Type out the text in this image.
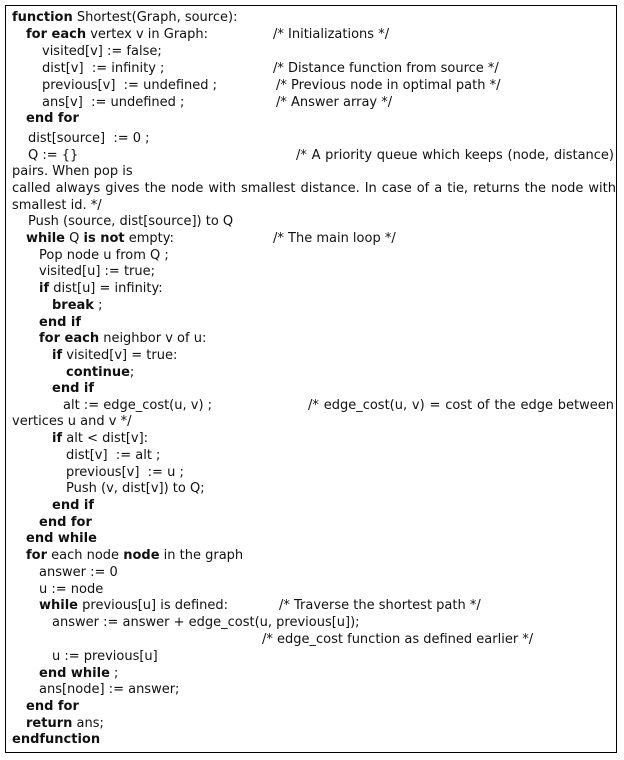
function Shortest(Graph, source):
for each vertex v in Graph:	/* Initializations */
visited[v] := false;
dist[v]  := infinity ;	/* Distance function from source */
previous[v]  := undefined ;	/* Previous node in optimal path */
ans[v]  := undefined ;	/* Answer array */
end for
dist[source]  := 0 ;
Q := {}	/* A priority queue which keeps (node, distance)
pairs. When pop is
called always gives the node with smallest distance. In case of a tie, returns the node with
smallest id. */
Push (source, dist[source]) to Q
while Q is not empty:	/* The main loop */
Pop node u from Q ;
visited[u] := true;
if dist[u] = infinity:
break ;
end if
for each neighbor v of u:
if visited[v] = true:
continue;
end if
alt := edge_cost(u, v) ;	/* edge_cost(u, v) = cost of the edge between
vertices u and v */
if alt < dist[v]:
dist[v]  := alt ;
previous[v]  := u ;
Push (v, dist[v]) to Q;
end if
end for
end while
for each node node in the graph
answer := 0
u := node
while previous[u] is defined:	/* Traverse the shortest path */
answer := answer + edge_cost(u, previous[u]);
/* edge_cost function as defined earlier */
u := previous[u]
end while ;
ans[node] := answer;
end for
return ans;
endfunction
